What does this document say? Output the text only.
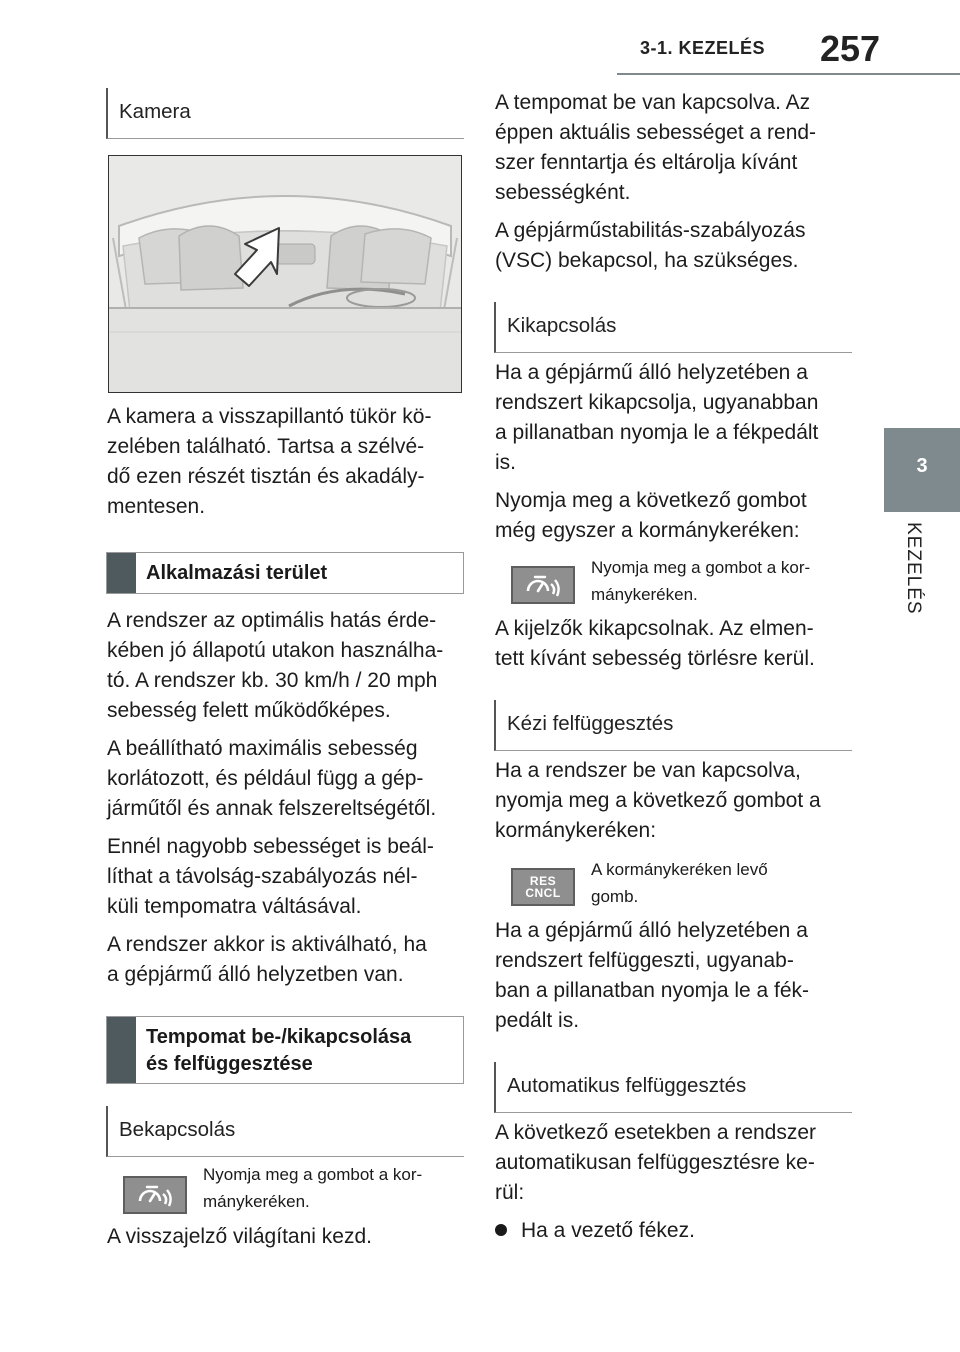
3-1. KEZELÉS 257
3
KEZELÉS
Kamera
A kamera a visszapillantó tükör kö-
zelében található. Tartsa a szélvé-
dő ezen részét tisztán és akadály-
mentesen.
Alkalmazási terület

A rendszer az optimális hatás érde-
kében jó állapotú utakon használha-
tó. A rendszer kb. 30 km/h / 20 mph
sebesség felett működőképes.

A beállítható maximális sebesség
korlátozott, és például függ a gép-
járműtől és annak felszereltségétől.

Ennél nagyobb sebességet is beál-
líthat a távolság-szabályozás nél-
küli tempomatra váltásával.

A rendszer akkor is aktiválható, ha
a gépjármű álló helyzetben van.

Tempomat be-/kikapcsolása
és felfüggesztése
Bekapcsolás
Nyomja meg a gombot a kor-
mánykeréken.
A visszajelző világítani kezd.

A tempomat be van kapcsolva. Az
éppen aktuális sebességet a rend-
szer fenntartja és eltárolja kívánt
sebességként.

A gépjárműstabilitás-szabályozás
(VSC) bekapcsol, ha szükséges.

Kikapcsolás

Ha a gépjármű álló helyzetében a
rendszert kikapcsolja, ugyanabban
a pillanatban nyomja le a fékpedált
is.

Nyomja meg a következő gombot
még egyszer a kormánykeréken:

Nyomja meg a gombot a kor-
mánykeréken.
A kijelzők kikapcsolnak. Az elmen-
tett kívánt sebesség törlésre kerül.
Kézi felfüggesztés
Ha a rendszer be van kapcsolva,
nyomja meg a következő gombot a
kormánykeréken:
RES
CNCL
A kormánykeréken levő
gomb.
Ha a gépjármű álló helyzetében a
rendszert felfüggeszti, ugyanab-
ban a pillanatban nyomja le a fék-
pedált is.
Automatikus felfüggesztés
A következő esetekben a rendszer
automatikusan felfüggesztésre ke-
rül:
Ha a vezető fékez.
